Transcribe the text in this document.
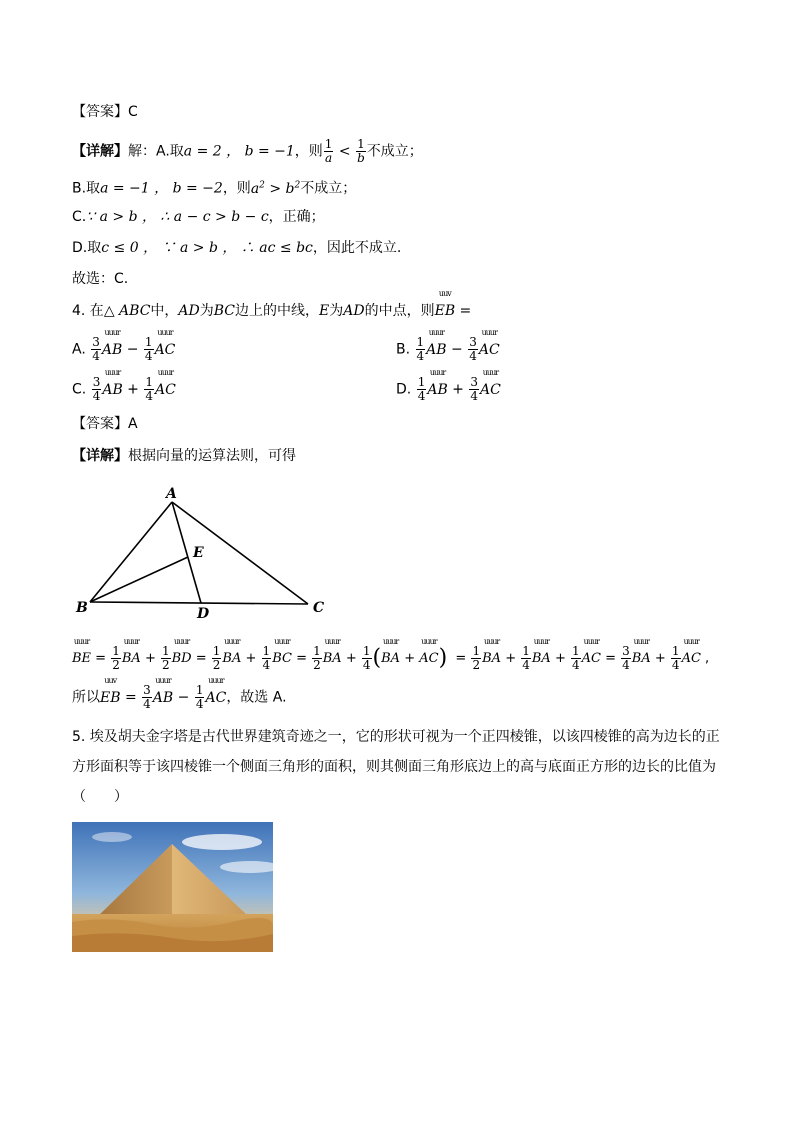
【答案】C
【详解】解：A.取a = 2 ， b = −1，则 $\frac{1}{a} < \frac{1}{b}$ 不成立；
B.取a = −1 ， b = −2，则$a^2 > b^2$不成立；
C.∵ a > b ， ∴ a − c > b − c，正确；
D.取c ≤ 0 ， ∵ a > b ， ∴ ac ≤ bc，因此不成立.
故选：C.
4. 在△ ABC中，AD为BC边上的中线，E为AD的中点，则uuv EB =
A. $\frac{3}{4}$ uuur AB − $\frac{1}{4}$ uuur AC	B. $\frac{1}{4}$ uuur AB − $\frac{3}{4}$ uuur AC
C. $\frac{3}{4}$ uuur AB + $\frac{1}{4}$ uuur AC	D. $\frac{1}{4}$ uuur AB + $\frac{3}{4}$ uuur AC
【答案】A
【详解】根据向量的运算法则，可得
A
B	C
D
E
uuur BE = $\frac{1}{2}$ uuur BA + $\frac{1}{2}$ uuur BD = $\frac{1}{2}$ uuur BA + $\frac{1}{4}$ uuur BC = $\frac{1}{2}$ uuur BA + $\frac{1}{4}$ (uuur BA + uuur $AC) = \frac{1}{2}$ uuur BA + $\frac{1}{4}$ uuur BA + $\frac{1}{4}$ uuur AC = $\frac{3}{4}$ uuur BA + $\frac{1}{4}$ uuur AC ,
所以uuv EB = $\frac{3}{4}$ uuur AB − $\frac{1}{4}$ uuur AC，故选 A.
5. 埃及胡夫金字塔是古代世界建筑奇迹之一，它的形状可视为一个正四棱锥，以该四棱锥的高为边长的正
方形面积等于该四棱锥一个侧面三角形的面积，则其侧面三角形底边上的高与底面正方形的边长的比值为
（　　）
